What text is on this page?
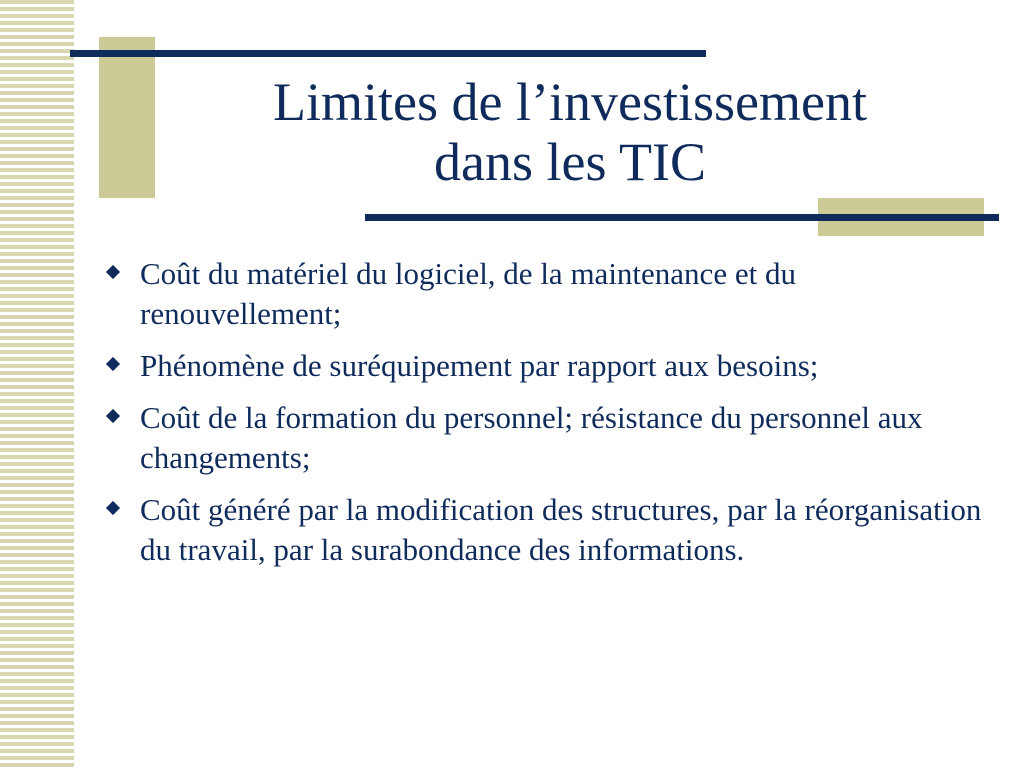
Limites de l’investissement
dans les TIC
Coût du matériel du logiciel, de la maintenance et du renouvellement;
Phénomène de suréquipement par rapport aux besoins;
Coût de la formation du personnel; résistance du personnel aux changements;
Coût généré par la modification des structures, par la réorganisation du travail, par la surabondance des informations.
